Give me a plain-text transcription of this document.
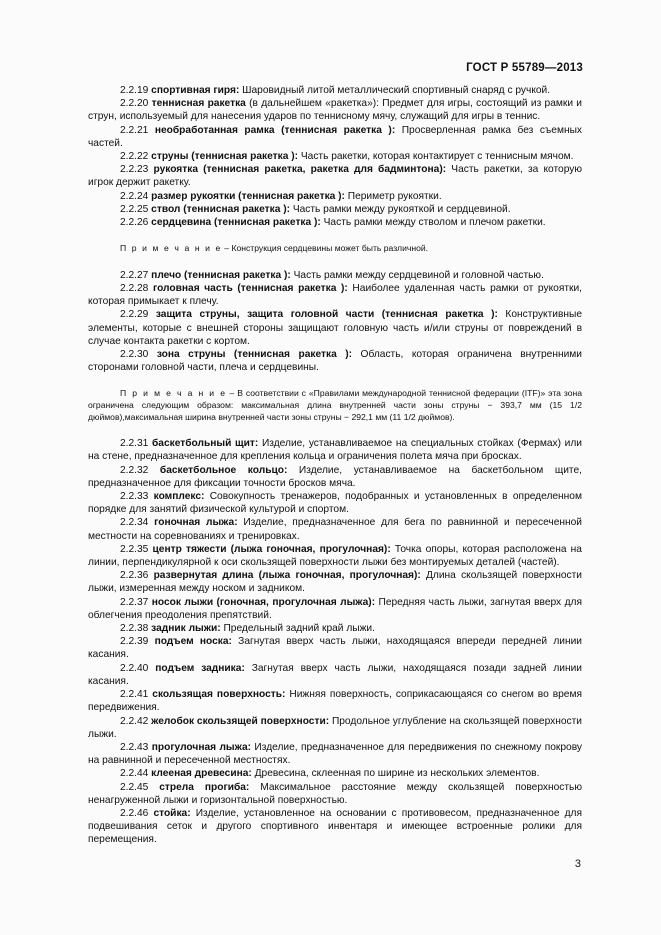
ГОСТ Р 55789—2013

2.2.19 спортивная гиря: Шаровидный литой металлический спортивный снаряд с ручкой.

2.2.20 теннисная ракетка (в дальнейшем «ракетка»): Предмет для игры, состоящий из рамки и струн, используемый для нанесения ударов по теннисному мячу, служащий для игры в теннис.

2.2.21 необработанная рамка (теннисная ракетка ): Просверленная рамка без съемных частей.

2.2.22 струны (теннисная ракетка ): Часть ракетки, которая контактирует с теннисным мячом.

2.2.23 рукоятка (теннисная ракетка, ракетка для бадминтона): Часть ракетки, за которую игрок держит ракетку.

2.2.24 размер рукоятки (теннисная ракетка ): Периметр рукоятки.

2.2.25 ствол (теннисная ракетка ): Часть рамки между рукояткой и сердцевиной.

2.2.26 сердцевина (теннисная ракетка ): Часть рамки между стволом и плечом ракетки.

П р и м е ч а н и е – Конструкция сердцевины может быть различной.

2.2.27 плечо (теннисная ракетка ): Часть рамки между сердцевиной и головной частью.

2.2.28 головная часть (теннисная ракетка ): Наиболее удаленная часть рамки от рукоятки, которая примыкает к плечу.

2.2.29 защита струны, защита головной части (теннисная ракетка ): Конструктивные элементы, которые с внешней стороны защищают головную часть и/или струны от повреждений в случае контакта ракетки с кортом.

2.2.30 зона струны (теннисная ракетка ): Область, которая ограничена внутренними сторонами головной части, плеча и сердцевины.

П р и м е ч а н и е – В соответствии с «Правилами международной теннисной федерации (ITF)» эта зона ограничена следующим образом: максимальная длина внутренней части зоны струны − 393,7 мм (15 1/2 дюймов),максимальная ширина внутренней части зоны струны − 292,1 мм (11 1/2 дюймов).

2.2.31 баскетбольный щит: Изделие, устанавливаемое на специальных стойках (Фермах) или на стене, предназначенное для крепления кольца и ограничения полета мяча при бросках.

2.2.32 баскетбольное кольцо: Изделие, устанавливаемое на баскетбольном щите, предназначенное для фиксации точности бросков мяча.

2.2.33 комплекс: Совокупность тренажеров, подобранных и установленных в определенном порядке для занятий физической культурой и спортом.

2.2.34 гоночная лыжа: Изделие, предназначенное для бега по равнинной и пересеченной местности на соревнованиях и тренировках.

2.2.35 центр тяжести (лыжа гоночная, прогулочная): Точка опоры, которая расположена на линии, перпендикулярной к оси скользящей поверхности лыжи без монтируемых деталей (частей).

2.2.36 развернутая длина (лыжа гоночная, прогулочная): Длина скользящей поверхности лыжи, измеренная между носком и задником.

2.2.37 носок лыжи (гоночная, прогулочная лыжа): Передняя часть лыжи, загнутая вверх для облегчения преодоления препятствий.

2.2.38 задник лыжи: Предельный задний край лыжи.

2.2.39 подъем носка: Загнутая вверх часть лыжи, находящаяся впереди передней линии касания.

2.2.40 подъем задника: Загнутая вверх часть лыжи, находящаяся позади задней линии касания.

2.2.41 скользящая поверхность: Нижняя поверхность, соприкасающаяся со снегом во время передвижения.

2.2.42 желобок скользящей поверхности: Продольное углубление на скользящей поверхности лыжи.

2.2.43 прогулочная лыжа: Изделие, предназначенное для передвижения по снежному покрову на равнинной и пересеченной местностях.

2.2.44 клееная древесина: Древесина, склеенная по ширине из нескольких элементов.

2.2.45 стрела прогиба: Максимальное расстояние между скользящей поверхностью ненагруженной лыжи и горизонтальной поверхностью.

2.2.46 стойка: Изделие, установленное на основании с противовесом, предназначенное для подвешивания сеток и другого спортивного инвентаря и имеющее встроенные ролики для перемещения.

3
